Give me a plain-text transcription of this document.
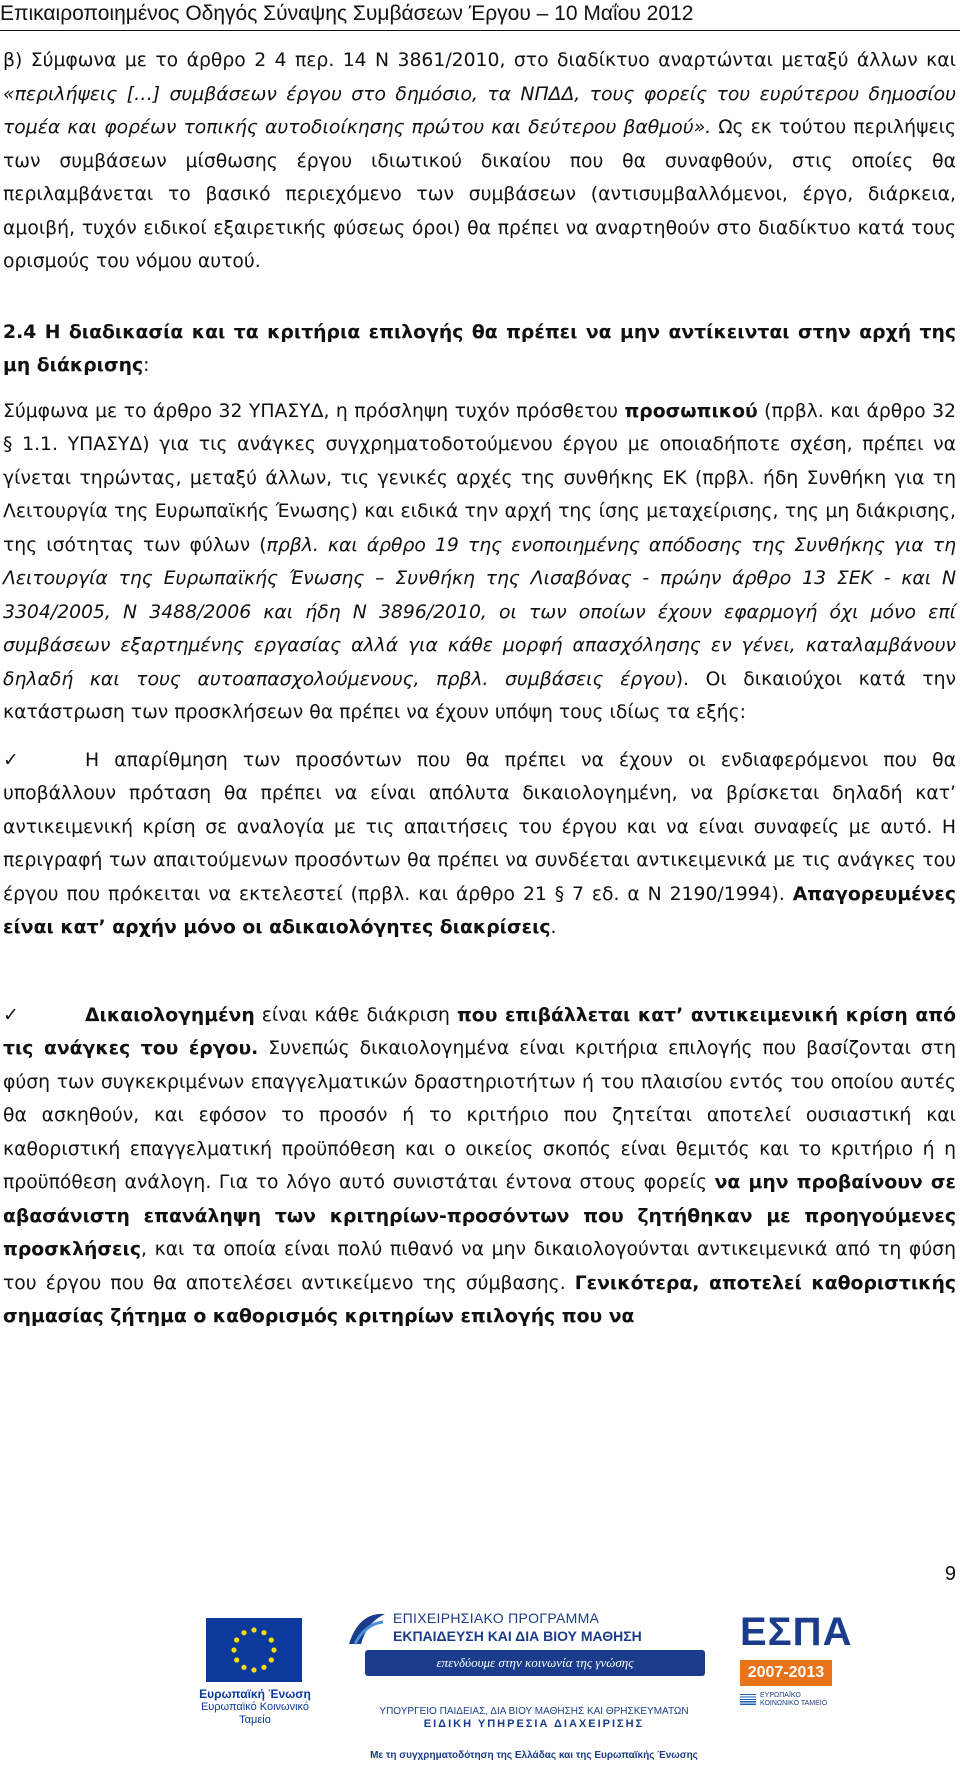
Επικαιροποιημένος Οδηγός Σύναψης Συμβάσεων Έργου – 10 Μαΐου 2012

β) Σύμφωνα με το άρθρο 2 4 περ. 14 Ν 3861/2010, στο διαδίκτυο αναρτώνται μεταξύ άλλων και «περιλήψεις […] συμβάσεων έργου στο δημόσιο, τα ΝΠΔΔ, τους φορείς του ευρύτερου δημοσίου τομέα και φορέων τοπικής αυτοδιοίκησης πρώτου και δεύτερου βαθμού». Ως εκ τούτου περιλήψεις των συμβάσεων μίσθωσης έργου ιδιωτικού δικαίου που θα συναφθούν, στις οποίες θα περιλαμβάνεται το βασικό περιεχόμενο των συμβάσεων (αντισυμβαλλόμενοι, έργο, διάρκεια, αμοιβή, τυχόν ειδικοί εξαιρετικής φύσεως όροι) θα πρέπει να αναρτηθούν στο διαδίκτυο κατά τους ορισμούς του νόμου αυτού.

2.4 Η διαδικασία και τα κριτήρια επιλογής θα πρέπει να μην αντίκεινται στην αρχή της μη διάκρισης:

Σύμφωνα με το άρθρο 32 ΥΠΑΣΥΔ, η πρόσληψη τυχόν πρόσθετου προσωπικού (πρβλ. και άρθρο 32 § 1.1. ΥΠΑΣΥΔ) για τις ανάγκες συγχρηματοδοτούμενου έργου με οποιαδήποτε σχέση, πρέπει να γίνεται τηρώντας, μεταξύ άλλων, τις γενικές αρχές της συνθήκης ΕΚ (πρβλ. ήδη Συνθήκη για τη Λειτουργία της Ευρωπαϊκής Ένωσης) και ειδικά την αρχή της ίσης μεταχείρισης, της μη διάκρισης, της ισότητας των φύλων (πρβλ. και άρθρο 19 της ενοποιημένης απόδοσης της Συνθήκης για τη Λειτουργία της Ευρωπαϊκής Ένωσης – Συνθήκη της Λισαβόνας - πρώην άρθρο 13 ΣΕΚ - και Ν 3304/2005, Ν 3488/2006 και ήδη Ν 3896/2010, οι των οποίων έχουν εφαρμογή όχι μόνο επί συμβάσεων εξαρτημένης εργασίας αλλά για κάθε μορφή απασχόλησης εν γένει, καταλαμβάνουν δηλαδή και τους αυτοαπασχολούμενους, πρβλ. συμβάσεις έργου). Οι δικαιούχοι κατά την κατάστρωση των προσκλήσεων θα πρέπει να έχουν υπόψη τους ιδίως τα εξής:

✓	Η απαρίθμηση των προσόντων που θα πρέπει να έχουν οι ενδιαφερόμενοι που θα υποβάλλουν πρόταση θα πρέπει να είναι απόλυτα δικαιολογημένη, να βρίσκεται δηλαδή κατ’ αντικειμενική κρίση σε αναλογία με τις απαιτήσεις του έργου και να είναι συναφείς με αυτό. Η περιγραφή των απαιτούμενων προσόντων θα πρέπει να συνδέεται αντικειμενικά με τις ανάγκες του έργου που πρόκειται να εκτελεστεί (πρβλ. και άρθρο 21 § 7 εδ. α Ν 2190/1994). Απαγορευμένες είναι κατ’ αρχήν μόνο οι αδικαιολόγητες διακρίσεις.

✓	Δικαιολογημένη είναι κάθε διάκριση που επιβάλλεται κατ’ αντικειμενική κρίση από τις ανάγκες του έργου. Συνεπώς δικαιολογημένα είναι κριτήρια επιλογής που βασίζονται στη φύση των συγκεκριμένων επαγγελματικών δραστηριοτήτων ή του πλαισίου εντός του οποίου αυτές θα ασκηθούν, και εφόσον το προσόν ή το κριτήριο που ζητείται αποτελεί ουσιαστική και καθοριστική επαγγελματική προϋπόθεση και ο οικείος σκοπός είναι θεμιτός και το κριτήριο ή η προϋπόθεση ανάλογη. Για το λόγο αυτό συνιστάται έντονα στους φορείς να μην προβαίνουν σε αβασάνιστη επανάληψη των κριτηρίων-προσόντων που ζητήθηκαν με προηγούμενες προσκλήσεις, και τα οποία είναι πολύ πιθανό να μην δικαιολογούνται αντικειμενικά από τη φύση του έργου που θα αποτελέσει αντικείμενο της σύμβασης. Γενικότερα, αποτελεί καθοριστικής σημασίας ζήτημα ο καθορισμός κριτηρίων επιλογής που να

9
Ευρωπαϊκή Ένωση
Ευρωπαϊκό Κοινωνικό Ταμείο
ΕΠΙΧΕΙΡΗΣΙΑΚΟ ΠΡΟΓΡΑΜΜΑ
ΕΚΠΑΙΔΕΥΣΗ ΚΑΙ ΔΙΑ ΒΙΟΥ ΜΑΘΗΣΗ
επενδύουμε στην κοινωνία της γνώσης
ΥΠΟΥΡΓΕΙΟ ΠΑΙΔΕΙΑΣ, ΔΙΑ ΒΙΟΥ ΜΑΘΗΣΗΣ ΚΑΙ ΘΡΗΣΚΕΥΜΑΤΩΝ
ΕΙΔΙΚΗ ΥΠΗΡΕΣΙΑ ΔΙΑΧΕΙΡΙΣΗΣ
Με τη συγχρηματοδότηση της Ελλάδας και της Ευρωπαϊκής Ένωσης
ΕΣΠΑ
2007-2013
ΕΥΡΩΠΑΪΚΟ ΚΟΙΝΩΝΙΚΟ ΤΑΜΕΙΟ
